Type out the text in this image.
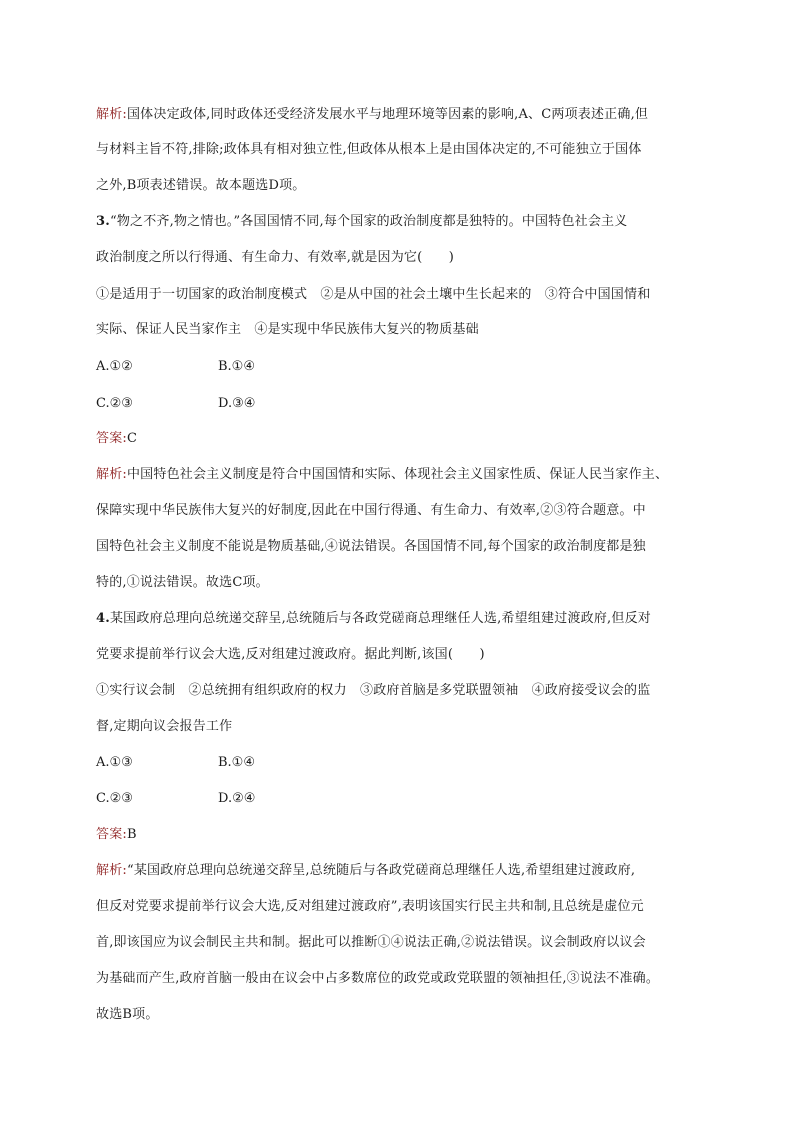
解析:国体决定政体,同时政体还受经济发展水平与地理环境等因素的影响,A、C两项表述正确,但
与材料主旨不符,排除;政体具有相对独立性,但政体从根本上是由国体决定的,不可能独立于国体
之外,B项表述错误。故本题选D项。
3.“物之不齐,物之情也。”各国国情不同,每个国家的政治制度都是独特的。中国特色社会主义
政治制度之所以行得通、有生命力、有效率,就是因为它(　　)
①是适用于一切国家的政治制度模式　②是从中国的社会土壤中生长起来的　③符合中国国情和
实际、保证人民当家作主　④是实现中华民族伟大复兴的物质基础
A.①②	B.①④
C.②③	D.③④
答案:C
解析:中国特色社会主义制度是符合中国国情和实际、体现社会主义国家性质、保证人民当家作主、
保障实现中华民族伟大复兴的好制度,因此在中国行得通、有生命力、有效率,②③符合题意。中
国特色社会主义制度不能说是物质基础,④说法错误。各国国情不同,每个国家的政治制度都是独
特的,①说法错误。故选C项。
4.某国政府总理向总统递交辞呈,总统随后与各政党磋商总理继任人选,希望组建过渡政府,但反对
党要求提前举行议会大选,反对组建过渡政府。据此判断,该国(　　)
①实行议会制　②总统拥有组织政府的权力　③政府首脑是多党联盟领袖　④政府接受议会的监
督,定期向议会报告工作
A.①③	B.①④
C.②③	D.②④
答案:B
解析:“某国政府总理向总统递交辞呈,总统随后与各政党磋商总理继任人选,希望组建过渡政府,
但反对党要求提前举行议会大选,反对组建过渡政府”,表明该国实行民主共和制,且总统是虚位元
首,即该国应为议会制民主共和制。据此可以推断①④说法正确,②说法错误。议会制政府以议会
为基础而产生,政府首脑一般由在议会中占多数席位的政党或政党联盟的领袖担任,③说法不准确。
故选B项。
